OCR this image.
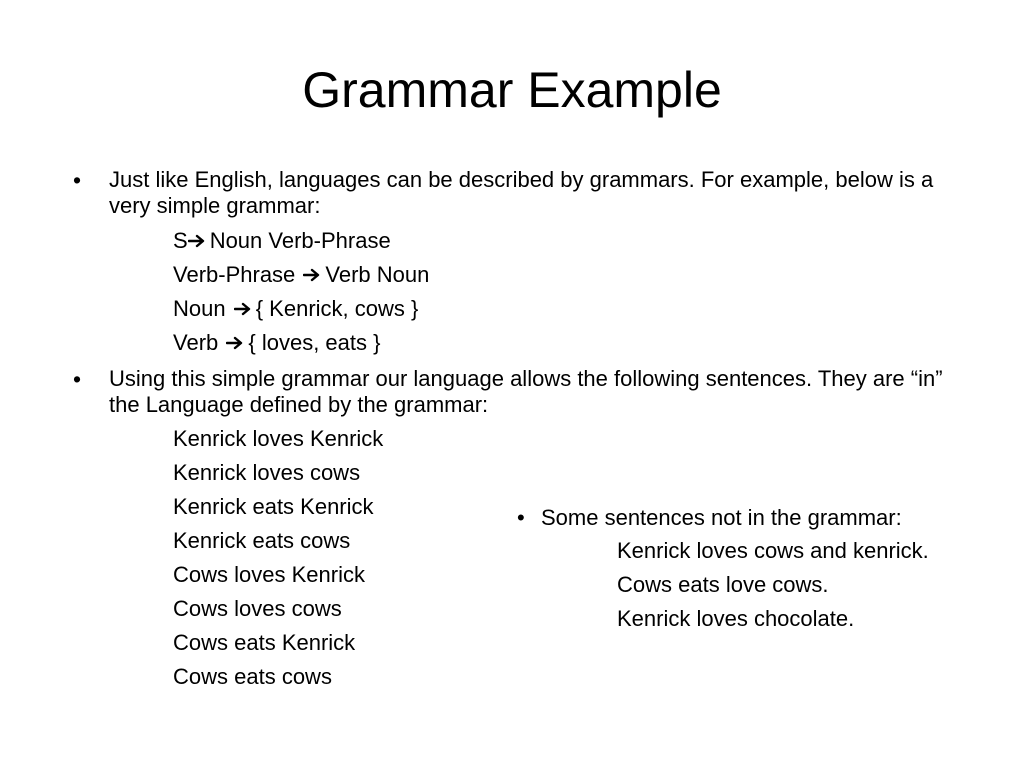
Grammar Example
•	Just like English, languages can be described by grammars. For example, below is a very simple grammar:
S Noun Verb-Phrase
Verb-Phrase Verb Noun
Noun { Kenrick, cows }
Verb { loves, eats }
•	Using this simple grammar our language allows the following sentences. They are “in” the Language defined by the grammar:
Kenrick loves Kenrick
Kenrick loves cows
Kenrick eats Kenrick
Kenrick eats cows
Cows loves Kenrick
Cows loves cows
Cows eats Kenrick
Cows eats cows
• Some sentences not in the grammar:
Kenrick loves cows and kenrick.
Cows eats love cows.
Kenrick loves chocolate.
